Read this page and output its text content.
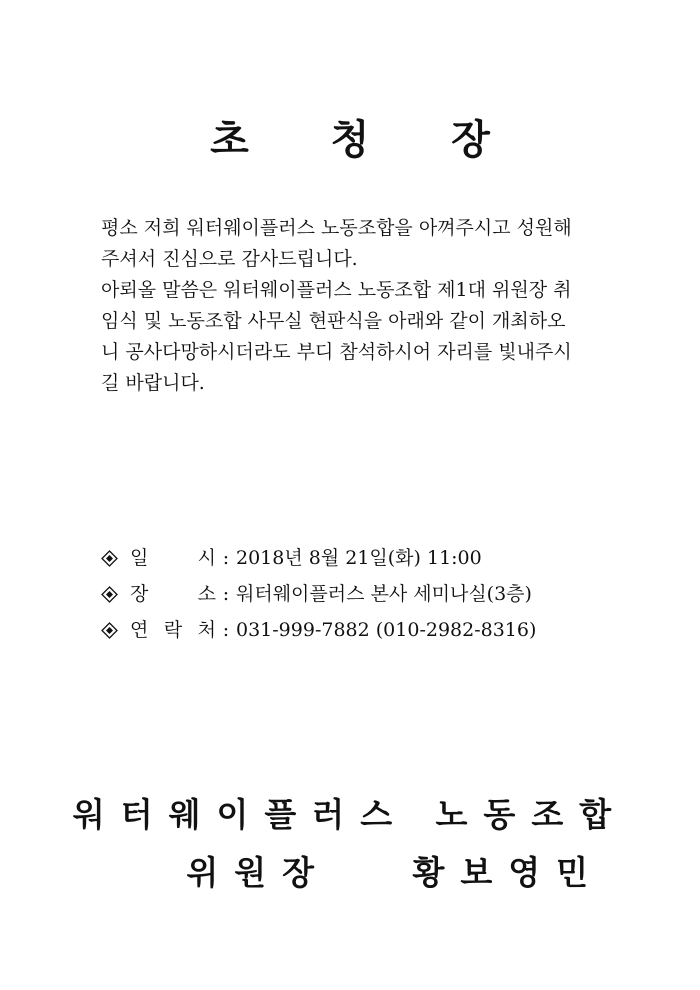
초 청 장

평소 저희 워터웨이플러스 노동조합을 아껴주시고 성원해

주셔서 진심으로 감사드립니다.

아뢰올 말씀은 워터웨이플러스 노동조합 제1대 위원장 취

임식 및 노동조합 사무실 현판식을 아래와 같이 개최하오

니 공사다망하시더라도 부디 참석하시어 자리를 빛내주시

길 바랍니다.

일 시 : 2018년 8월 21일(화) 11:00
장 소 : 워터웨이플러스 본사 세미나실(3층)
연 락 처 : 031-999-7882 (010-2982-8316)
워터웨이플러스 노동조합
위원장   황보영민
